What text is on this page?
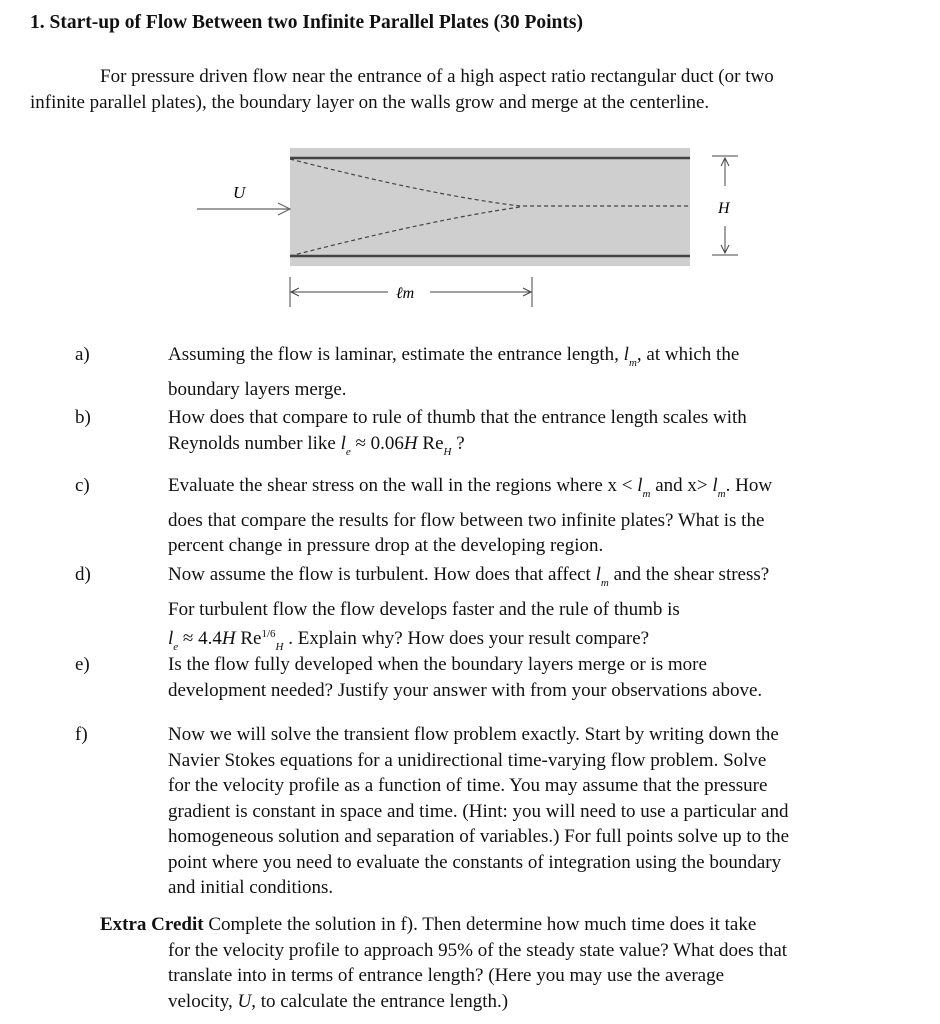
1. Start-up of Flow Between two Infinite Parallel Plates (30 Points)
For pressure driven flow near the entrance of a high aspect ratio rectangular duct (or two
infinite parallel plates), the boundary layer on the walls grow and merge at the centerline.
U
H
ℓm
a)	Assuming the flow is laminar, estimate the entrance length, $l_m$, at which the
boundary layers merge.
b)	How does that compare to rule of thumb that the entrance length scales with
Reynolds number like $l_e \approx 0.06H$ $Re_H$ ?
c)	Evaluate the shear stress on the wall in the regions where $x < l_m$ and $x> l_m$. How
does that compare the results for flow between two infinite plates? What is the
percent change in pressure drop at the developing region.
d)	Now assume the flow is turbulent. How does that affect $l_m$ and the shear stress?
For turbulent flow the flow develops faster and the rule of thumb is
$l_e \approx 4.4H$ $Re^{1/6}_H$ . Explain why? How does your result compare?
e)	Is the flow fully developed when the boundary layers merge or is more
development needed? Justify your answer with from your observations above.
f)	Now we will solve the transient flow problem exactly. Start by writing down the
Navier Stokes equations for a unidirectional time-varying flow problem. Solve
for the velocity profile as a function of time. You may assume that the pressure
gradient is constant in space and time. (Hint: you will need to use a particular and
homogeneous solution and separation of variables.) For full points solve up to the
point where you need to evaluate the constants of integration using the boundary
and initial conditions.
Extra Credit Complete the solution in f). Then determine how much time does it take
for the velocity profile to approach 95% of the steady state value? What does that
translate into in terms of entrance length? (Here you may use the average
velocity, U, to calculate the entrance length.)
